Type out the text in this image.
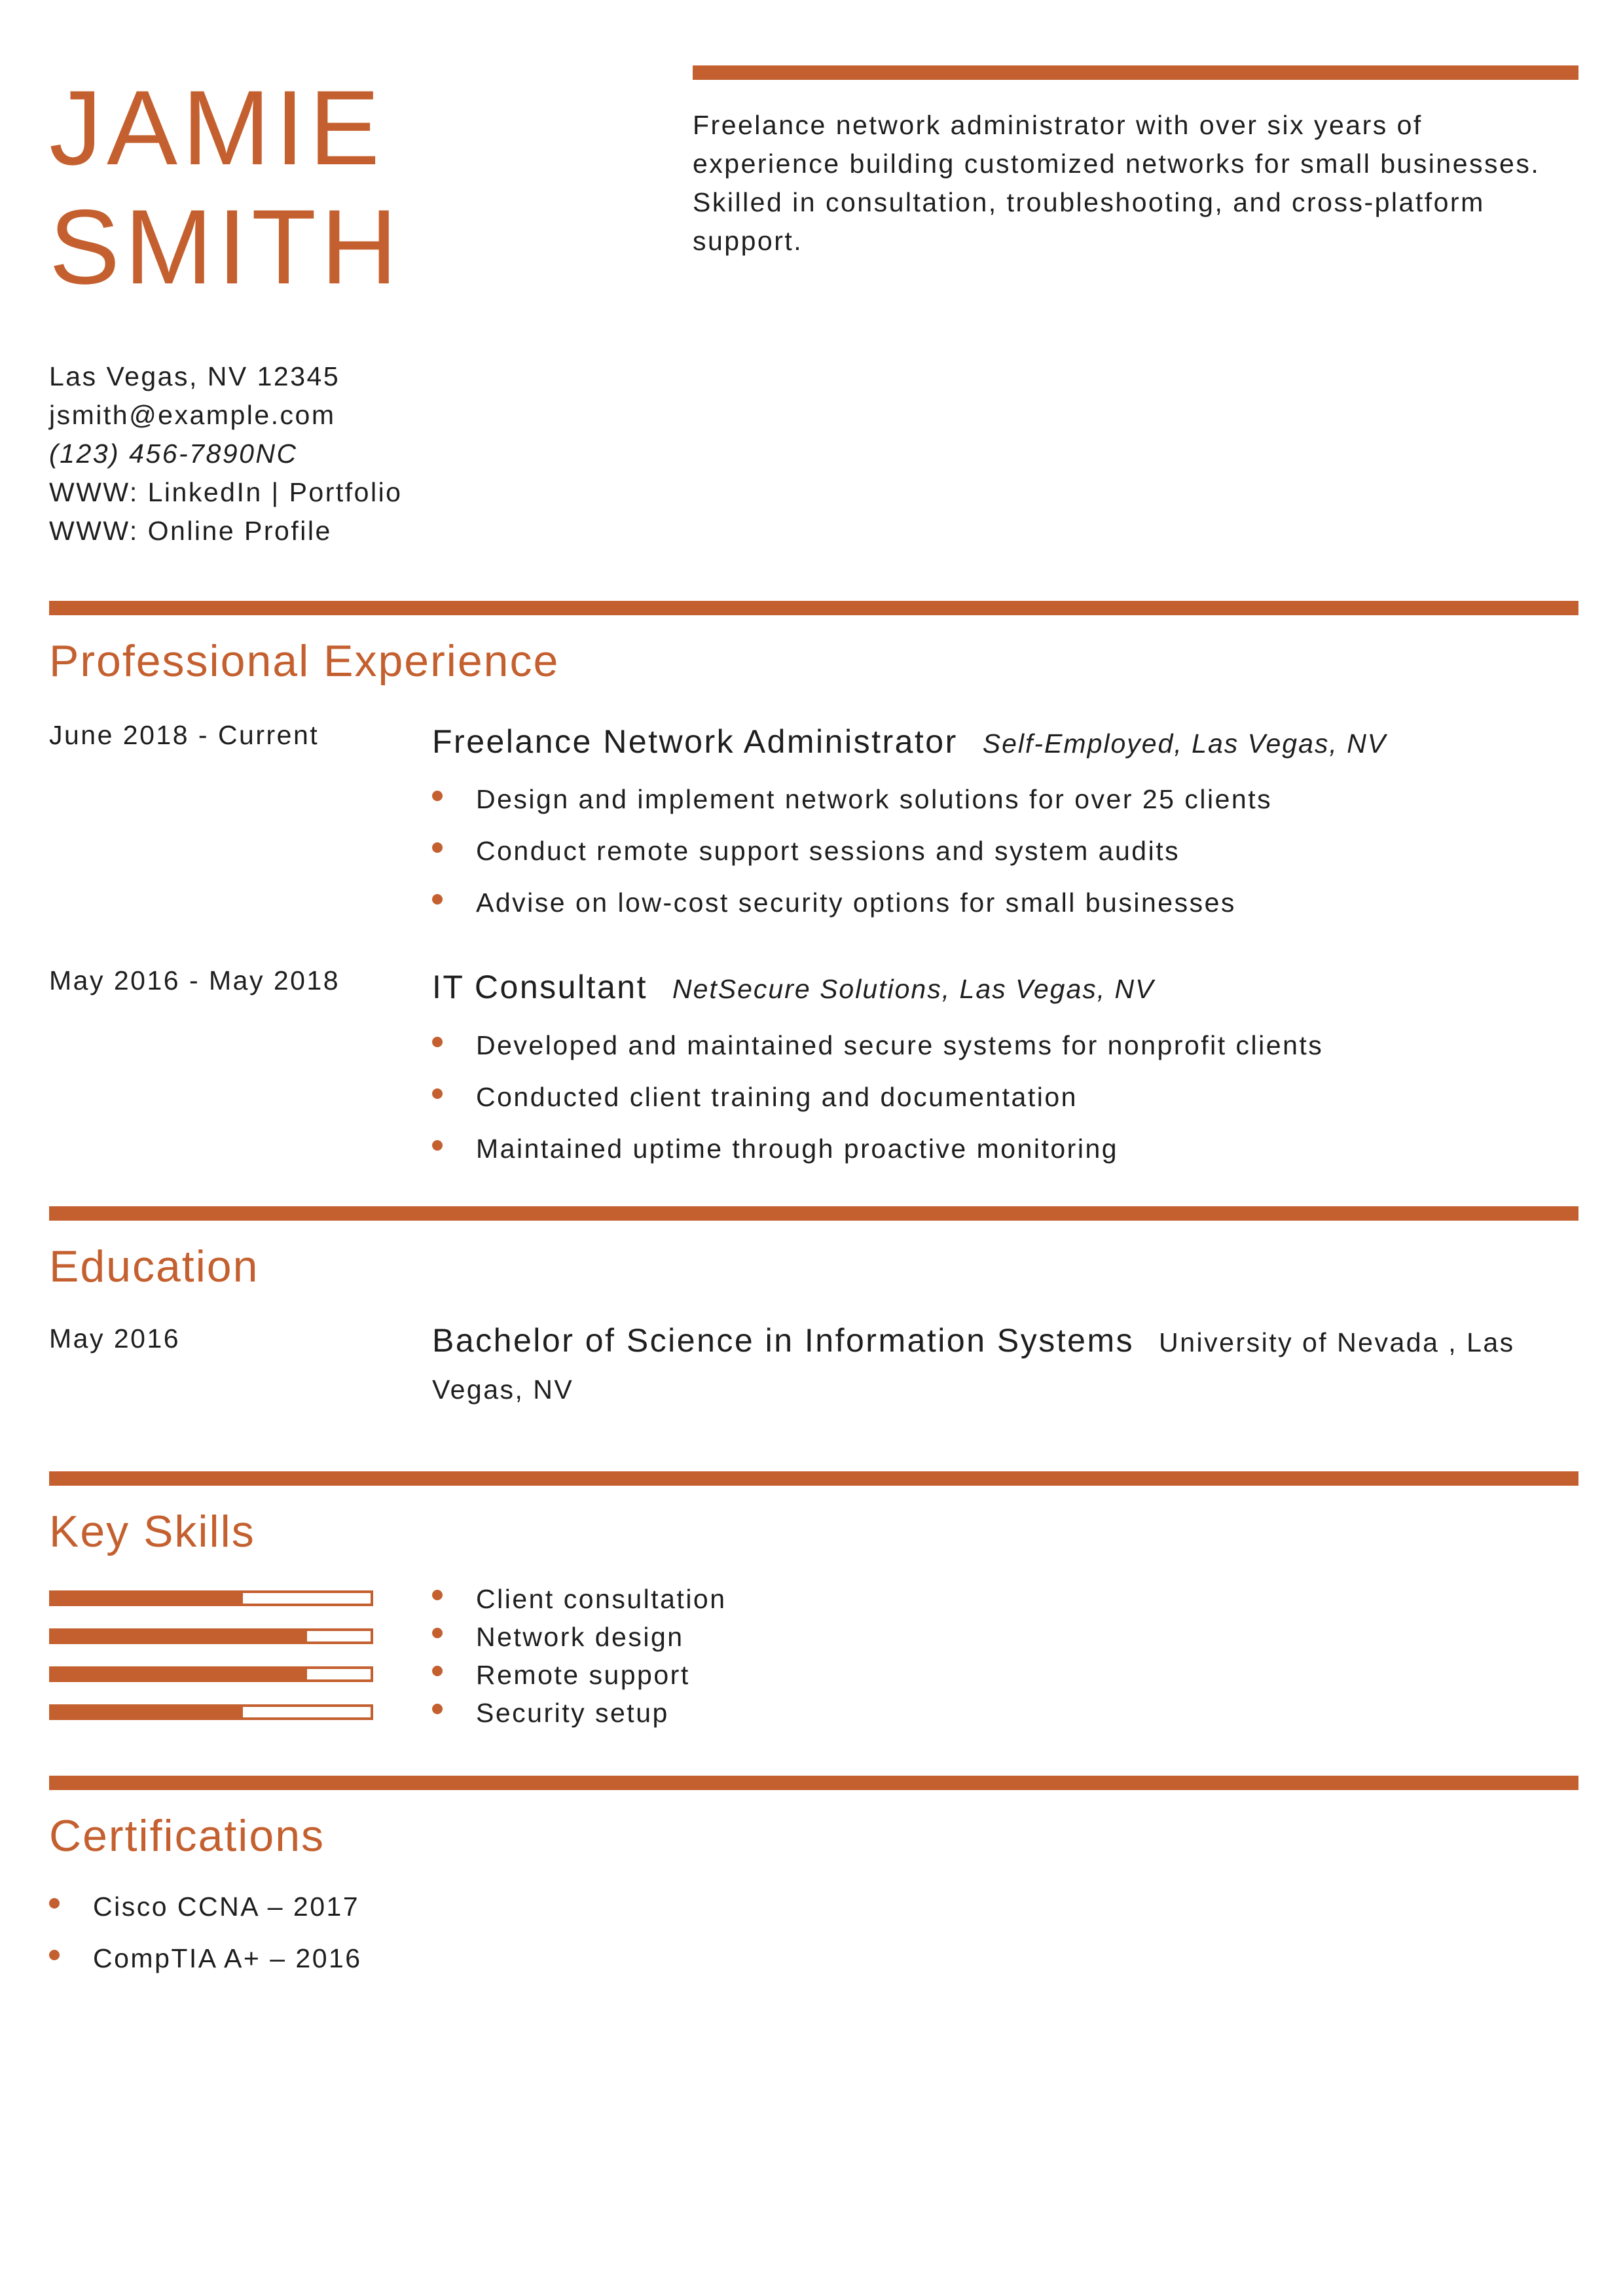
JAMIE
SMITH
Freelance network administrator with over six years of experience building customized networks for small businesses. Skilled in consultation, troubleshooting, and cross-platform support.
Las Vegas, NV 12345
jsmith@example.com
(123) 456-7890NC
WWW: LinkedIn | Portfolio
WWW: Online Profile
Professional Experience
June 2018 - Current	Freelance Network Administrator Self-Employed, Las Vegas, NV
Design and implement network solutions for over 25 clients
Conduct remote support sessions and system audits
Advise on low-cost security options for small businesses
May 2016 - May 2018	IT Consultant NetSecure Solutions, Las Vegas, NV
Developed and maintained secure systems for nonprofit clients
Conducted client training and documentation
Maintained uptime through proactive monitoring
Education
May 2016	Bachelor of Science in Information Systems University of Nevada , Las Vegas, NV
Key Skills
Client consultation
Network design
Remote support
Security setup
Certifications
Cisco CCNA – 2017
CompTIA A+ – 2016
